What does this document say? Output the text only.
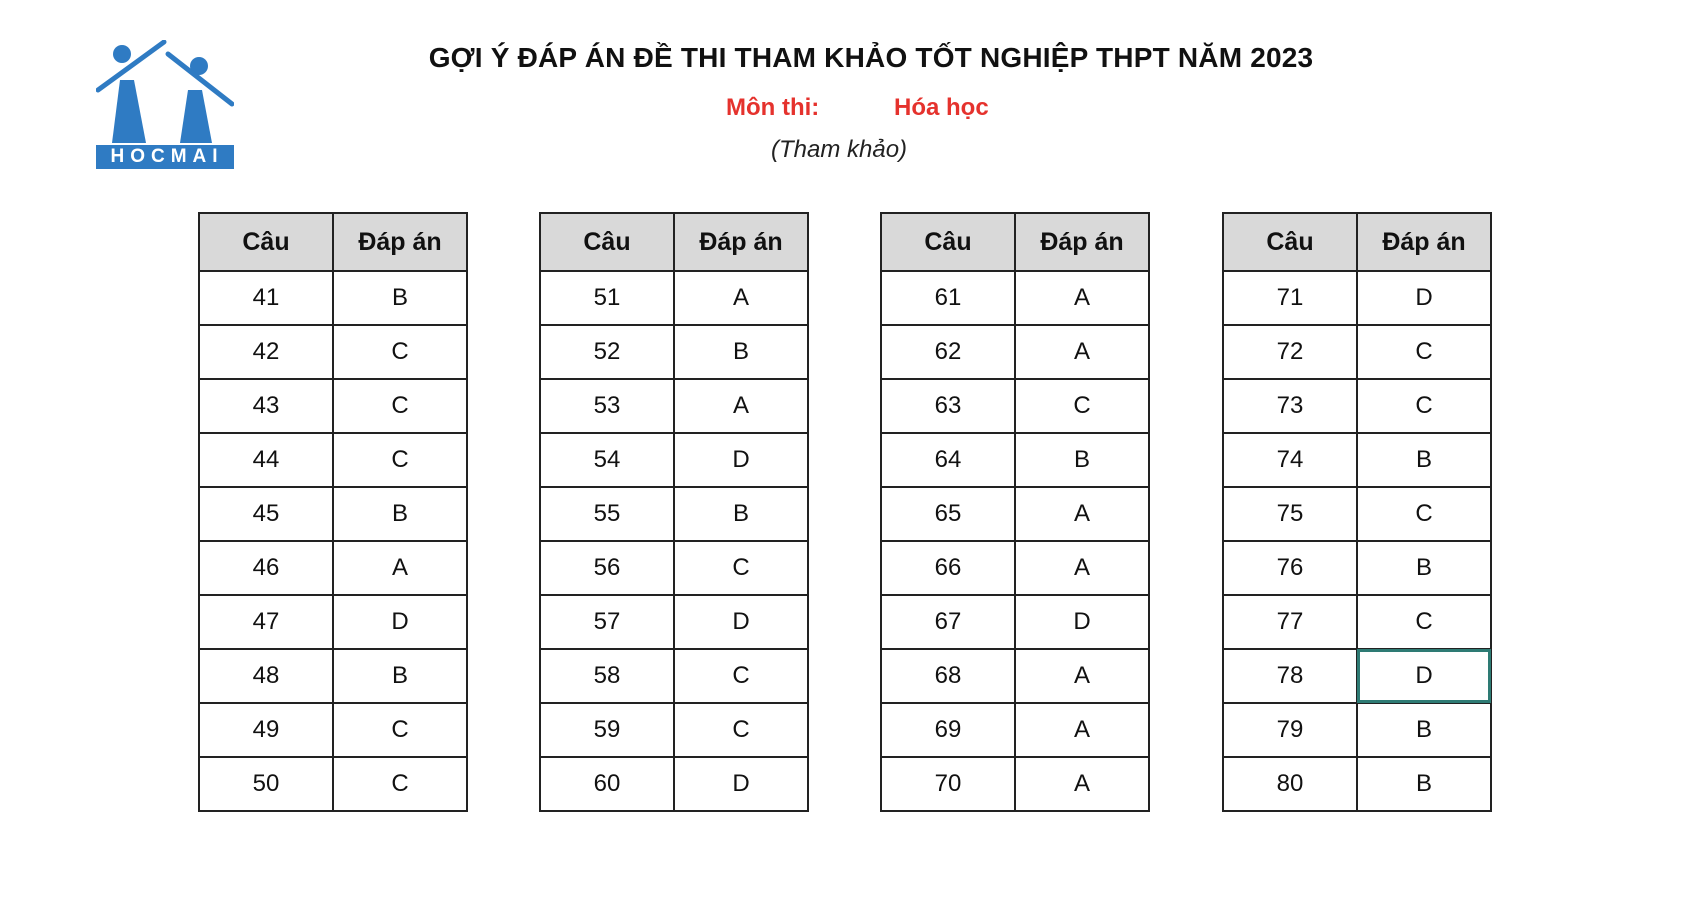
HOCMAI
GỢI Ý ĐÁP ÁN ĐỀ THI THAM KHẢO TỐT NGHIỆP THPT NĂM 2023
Môn thi:	Hóa học
(Tham khảo)
Câu	Đáp án
41	B
42	C
43	C
44	C
45	B
46	A
47	D
48	B
49	C
50	C
Câu	Đáp án
51	A
52	B
53	A
54	D
55	B
56	C
57	D
58	C
59	C
60	D
Câu	Đáp án
61	A
62	A
63	C
64	B
65	A
66	A
67	D
68	A
69	A
70	A
Câu	Đáp án
71	D
72	C
73	C
74	B
75	C
76	B
77	C
78	D
79	B
80	B
